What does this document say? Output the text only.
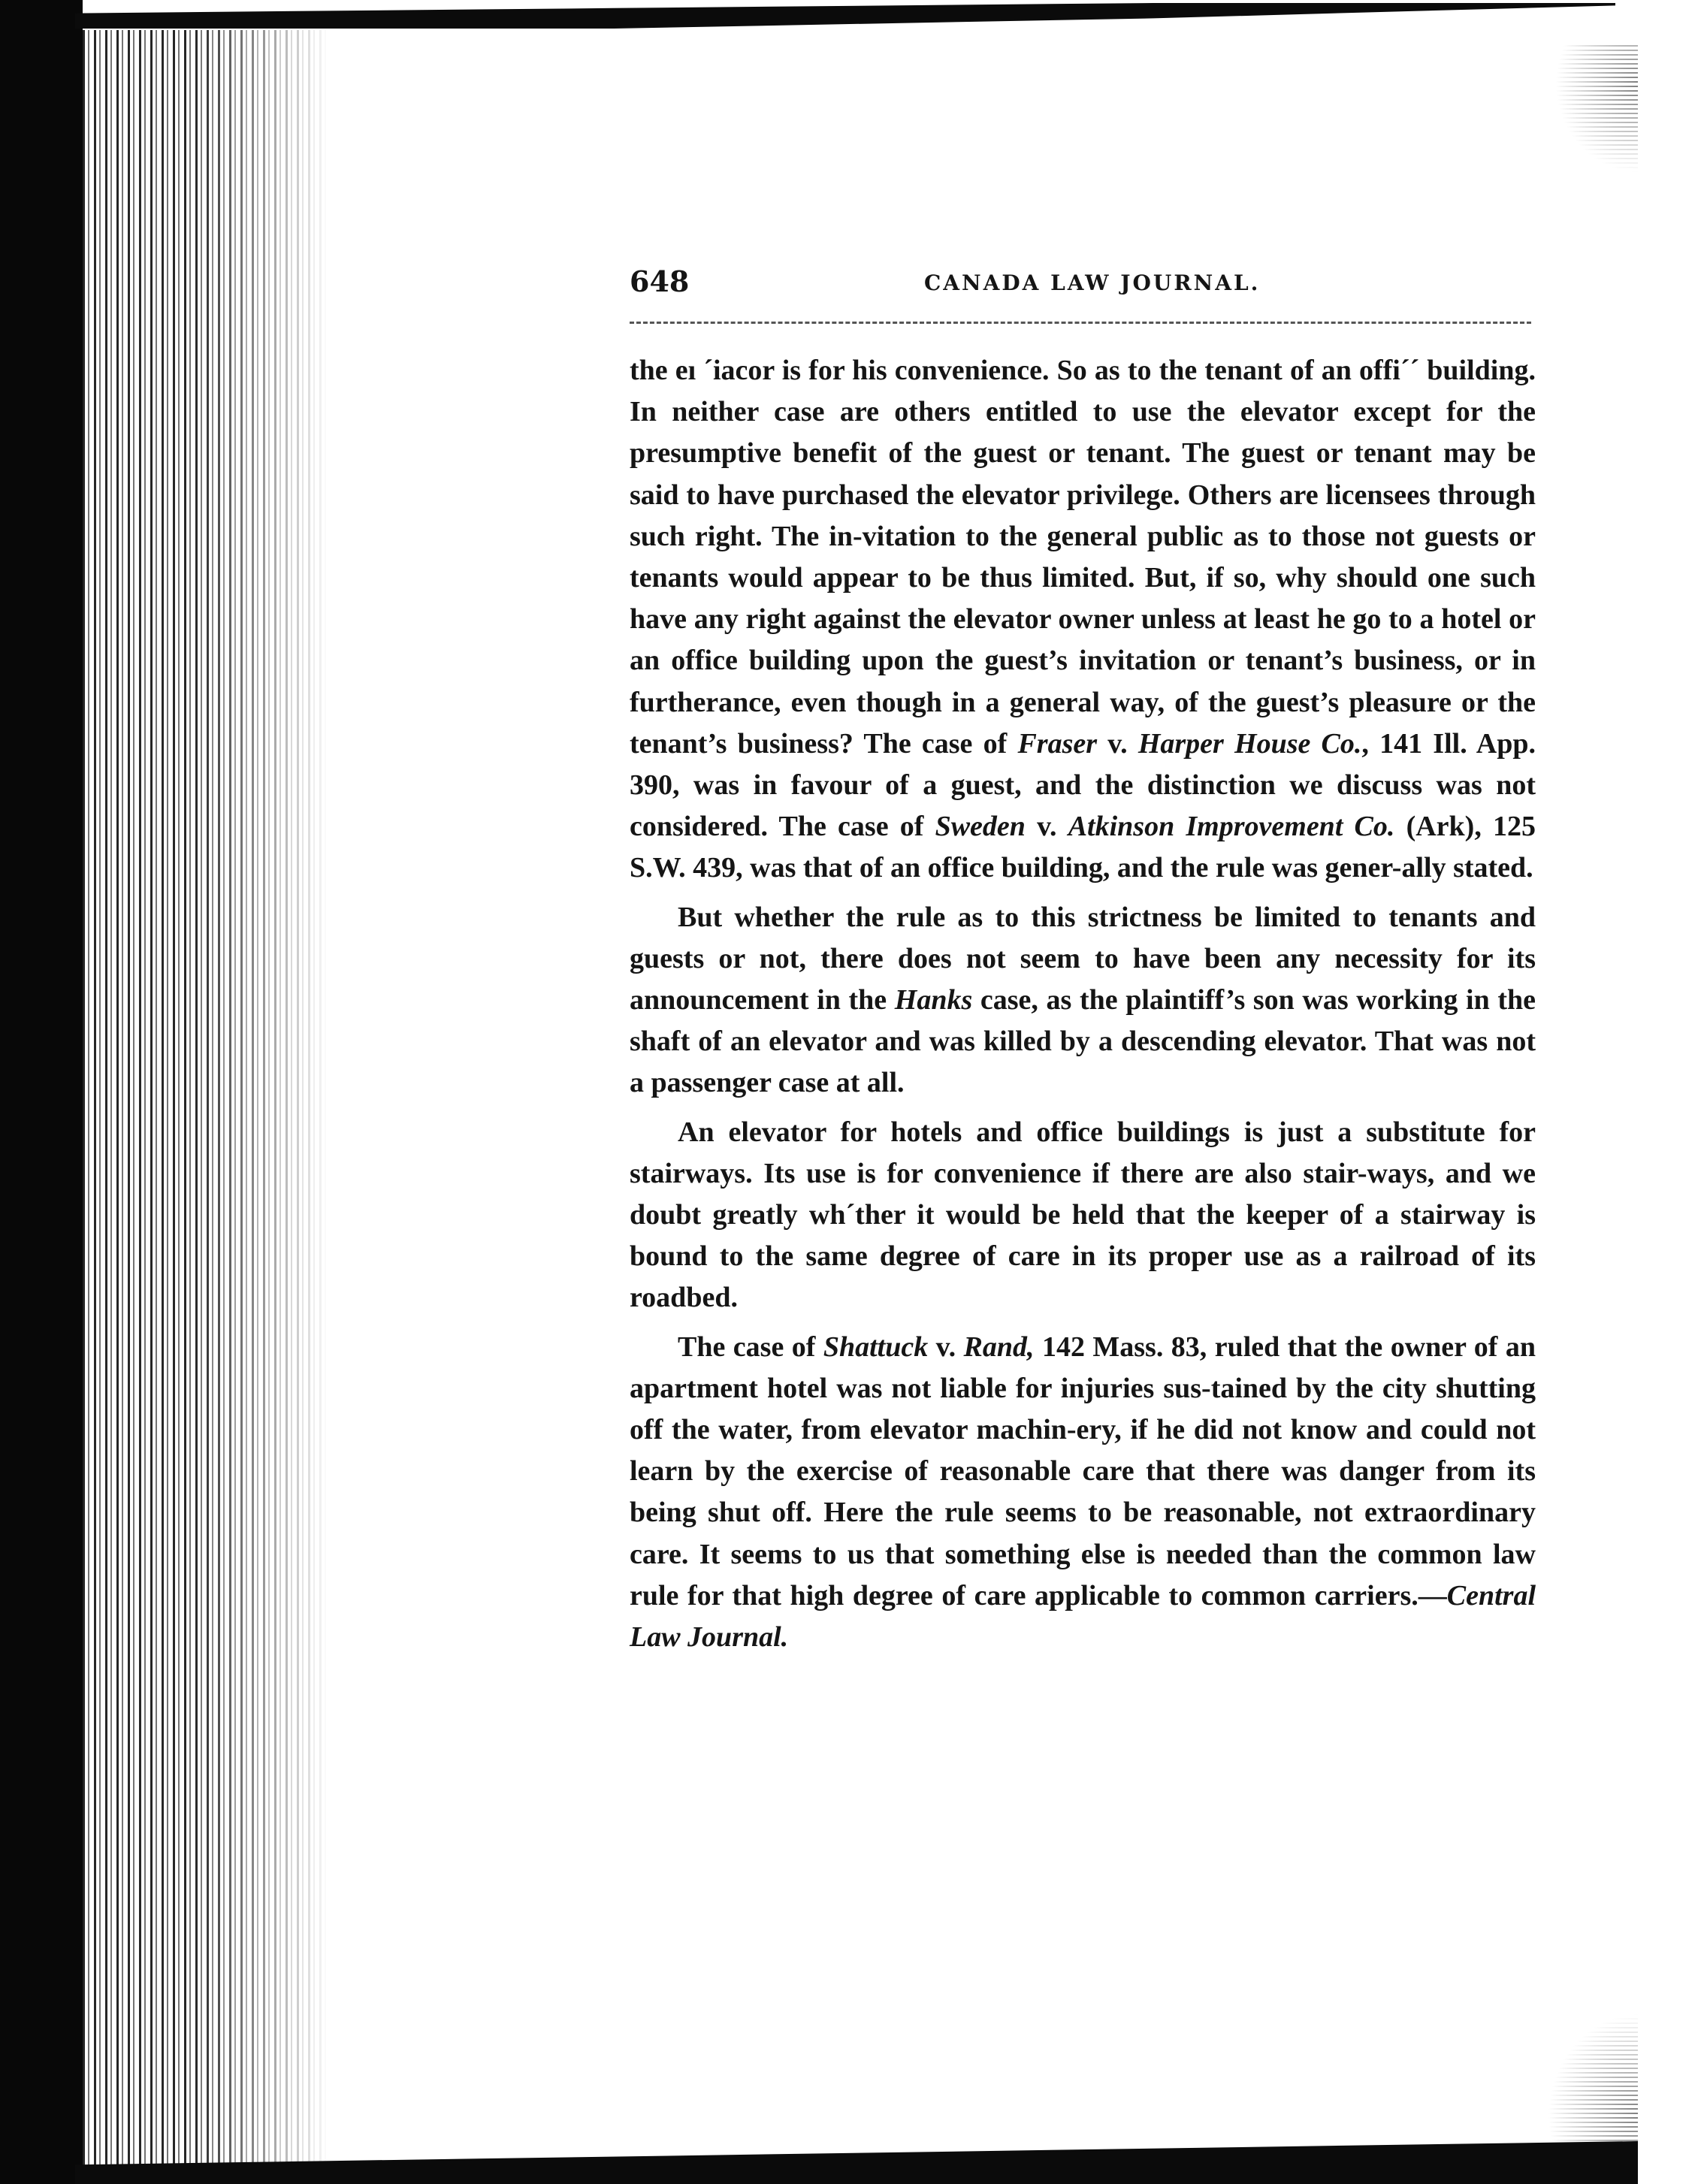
648	CANADA LAW JOURNAL.

the eı ´іасor is for his convenience. So as to the tenant of an offi´´ building. In neither case are others entitled to use the elevator except for the presumptive benefit of the guest or tenant. The guest or tenant may be said to have purchased the elevator privilege. Others are licensees through such right. The in-vitation to the general public as to those not guests or tenants would appear to be thus limited. But, if so, why should one such have any right against the elevator owner unless at least he go to a hotel or an office building upon the guest’s invitation or tenant’s business, or in furtherance, even though in a general way, of the guest’s pleasure or the tenant’s business? The case of Fraser v. Harper House Co., 141 Ill. App. 390, was in favour of a guest, and the distinction we discuss was not considered. The case of Sweden v. Atkinson Improvement Co. (Ark), 125 S.W. 439, was that of an office building, and the rule was gener-ally stated.

But whether the rule as to this strictness be limited to tenants and guests or not, there does not seem to have been any necessity for its announcement in the Hanks case, as the plaintiff’s son was working in the shaft of an elevator and was killed by a descending elevator. That was not a passenger case at all.

An elevator for hotels and office buildings is just a substitute for stairways. Its use is for convenience if there are also stair-ways, and we doubt greatly wh´ther it would be held that the keeper of a stairway is bound to the same degree of care in its proper use as a railroad of its roadbed.

The case of Shattuck v. Rand, 142 Mass. 83, ruled that the owner of an apartment hotel was not liable for injuries sus-tained by the city shutting off the water, from elevator machin-ery, if he did not know and could not learn by the exercise of reasonable care that there was danger from its being shut off. Here the rule seems to be reasonable, not extraordinary care. It seems to us that something else is needed than the common law rule for that high degree of care applicable to common carriers.—Central Law Journal.
